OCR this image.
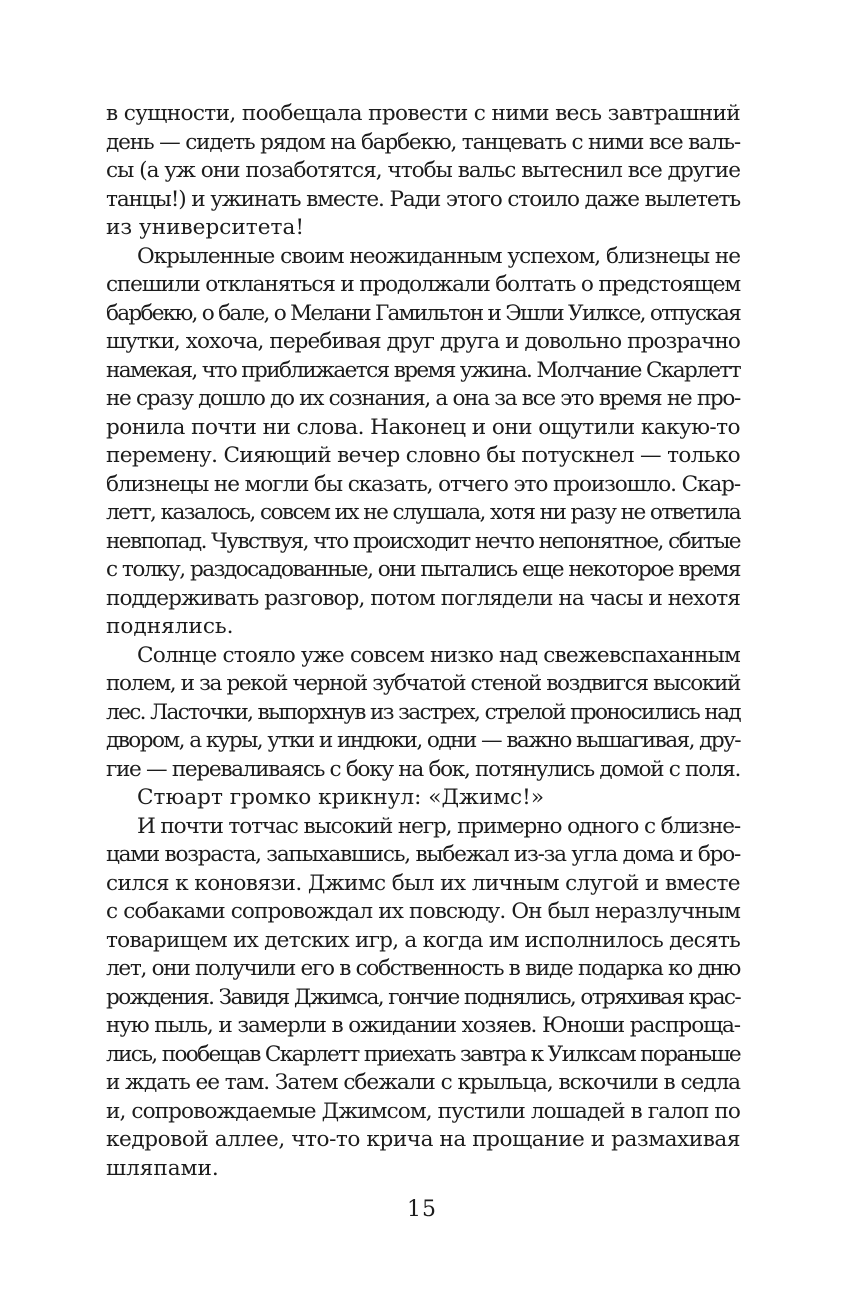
в сущности, пообещала провести с ними весь завтрашний
день — сидеть рядом на барбекю, танцевать с ними все валь-
сы (а уж они позаботятся, чтобы вальс вытеснил все другие
танцы!) и ужинать вместе. Ради этого стоило даже вылететь
из университета!
Окрыленные своим неожиданным успехом, близнецы не
спешили откланяться и продолжали болтать о предстоящем
барбекю, о бале, о Мелани Гамильтон и Эшли Уилксе, отпуская
шутки, хохоча, перебивая друг друга и довольно прозрачно
намекая, что приближается время ужина. Молчание Скарлетт
не сразу дошло до их сознания, а она за все это время не про-
ронила почти ни слова. Наконец и они ощутили какую-то
перемену. Сияющий вечер словно бы потускнел — только
близнецы не могли бы сказать, отчего это произошло. Скар-
летт, казалось, совсем их не слушала, хотя ни разу не ответила
невпопад. Чувствуя, что происходит нечто непонятное, сбитые
с толку, раздосадованные, они пытались еще некоторое время
поддерживать разговор, потом поглядели на часы и нехотя
поднялись.
Солнце стояло уже совсем низко над свежевспаханным
полем, и за рекой черной зубчатой стеной воздвигся высокий
лес. Ласточки, выпорхнув из застрех, стрелой проносились над
двором, а куры, утки и индюки, одни — важно вышагивая, дру-
гие — переваливаясь с боку на бок, потянулись домой с поля.
Стюарт громко крикнул: «Джимс!»
И почти тотчас высокий негр, примерно одного с близне-
цами возраста, запыхавшись, выбежал из-за угла дома и бро-
сился к коновязи. Джимс был их личным слугой и вместе
с собаками сопровождал их повсюду. Он был неразлучным
товарищем их детских игр, а когда им исполнилось десять
лет, они получили его в собственность в виде подарка ко дню
рождения. Завидя Джимса, гончие поднялись, отряхивая крас-
ную пыль, и замерли в ожидании хозяев. Юноши распроща-
лись, пообещав Скарлетт приехать завтра к Уилксам пораньше
и ждать ее там. Затем сбежали с крыльца, вскочили в седла
и, сопровождаемые Джимсом, пустили лошадей в галоп по
кедровой аллее, что-то крича на прощание и размахивая
шляпами.
15
